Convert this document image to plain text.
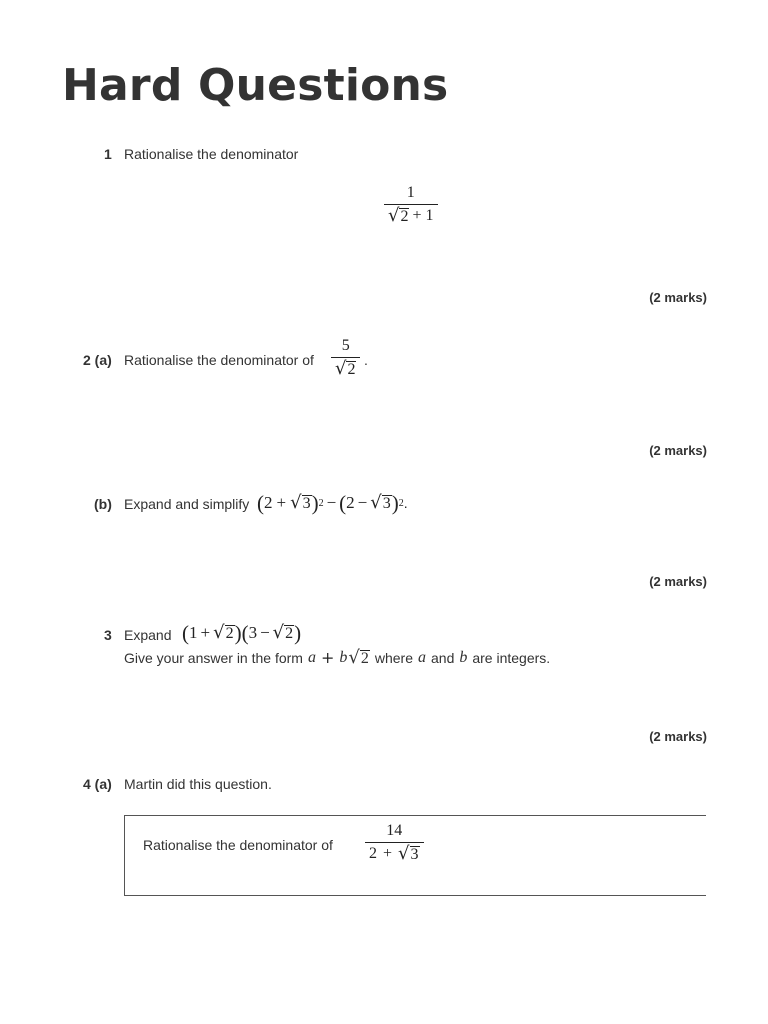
Hard Questions
1 Rationalise the denominator
1
√ 2 + 1
(2 marks)
2 (a) Rationalise the denominator of
5
√ 2
.
(2 marks)
(b) Expand and simplify ( 2 + √ 3 ) 2 − ( 2 − √ 3 ) 2 .
(2 marks)
3 Expand ( 1 + √ 2 ) ( 3 − √ 2 )
Give your answer in the form a + b √ 2 where a and b are integers.
(2 marks)
4 (a) Martin did this question.
Rationalise the denominator of
14
2 + √ 3
